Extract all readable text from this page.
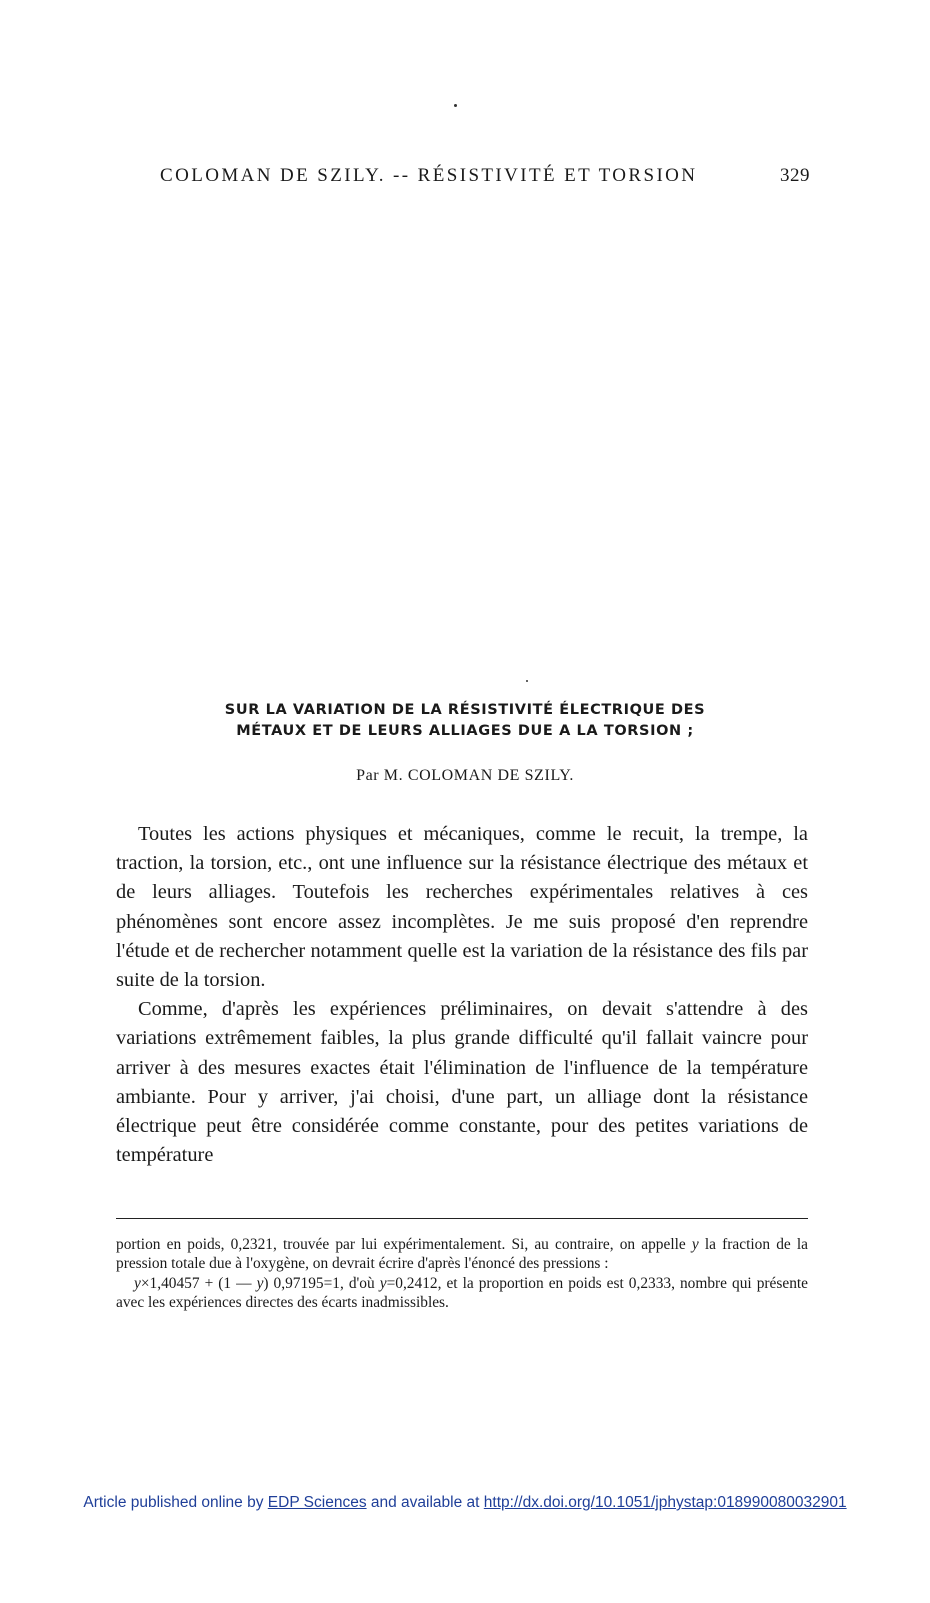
COLOMAN DE SZILY. -- RÉSISTIVITÉ ET TORSION	329
SUR LA VARIATION DE LA RÉSISTIVITÉ ÉLECTRIQUE DES
MÉTAUX ET DE LEURS ALLIAGES DUE A LA TORSION ;
Par M. COLOMAN DE SZILY.

Toutes les actions physiques et mécaniques, comme le recuit, la trempe, la traction, la torsion, etc., ont une influence sur la résistance électrique des métaux et de leurs alliages. Toutefois les recherches expérimentales relatives à ces phénomènes sont encore assez incomplètes. Je me suis proposé d'en reprendre l'étude et de rechercher notamment quelle est la variation de la résistance des fils par suite de la torsion.

Comme, d'après les expériences préliminaires, on devait s'attendre à des variations extrêmement faibles, la plus grande difficulté qu'il fallait vaincre pour arriver à des mesures exactes était l'élimination de l'influence de la température ambiante. Pour y arriver, j'ai choisi, d'une part, un alliage dont la résistance électrique peut être considérée comme constante, pour des petites variations de température

portion en poids, 0,2321, trouvée par lui expérimentalement. Si, au contraire, on appelle y la fraction de la pression totale due à l'oxygène, on devrait écrire d'après l'énoncé des pressions :

y×1,40457 + (1 — y) 0,97195=1, d'où y=0,2412, et la proportion en poids est 0,2333, nombre qui présente avec les expériences directes des écarts inadmissibles.

Article published online by EDP Sciences and available at http://dx.doi.org/10.1051/jphystap:018990080032901
